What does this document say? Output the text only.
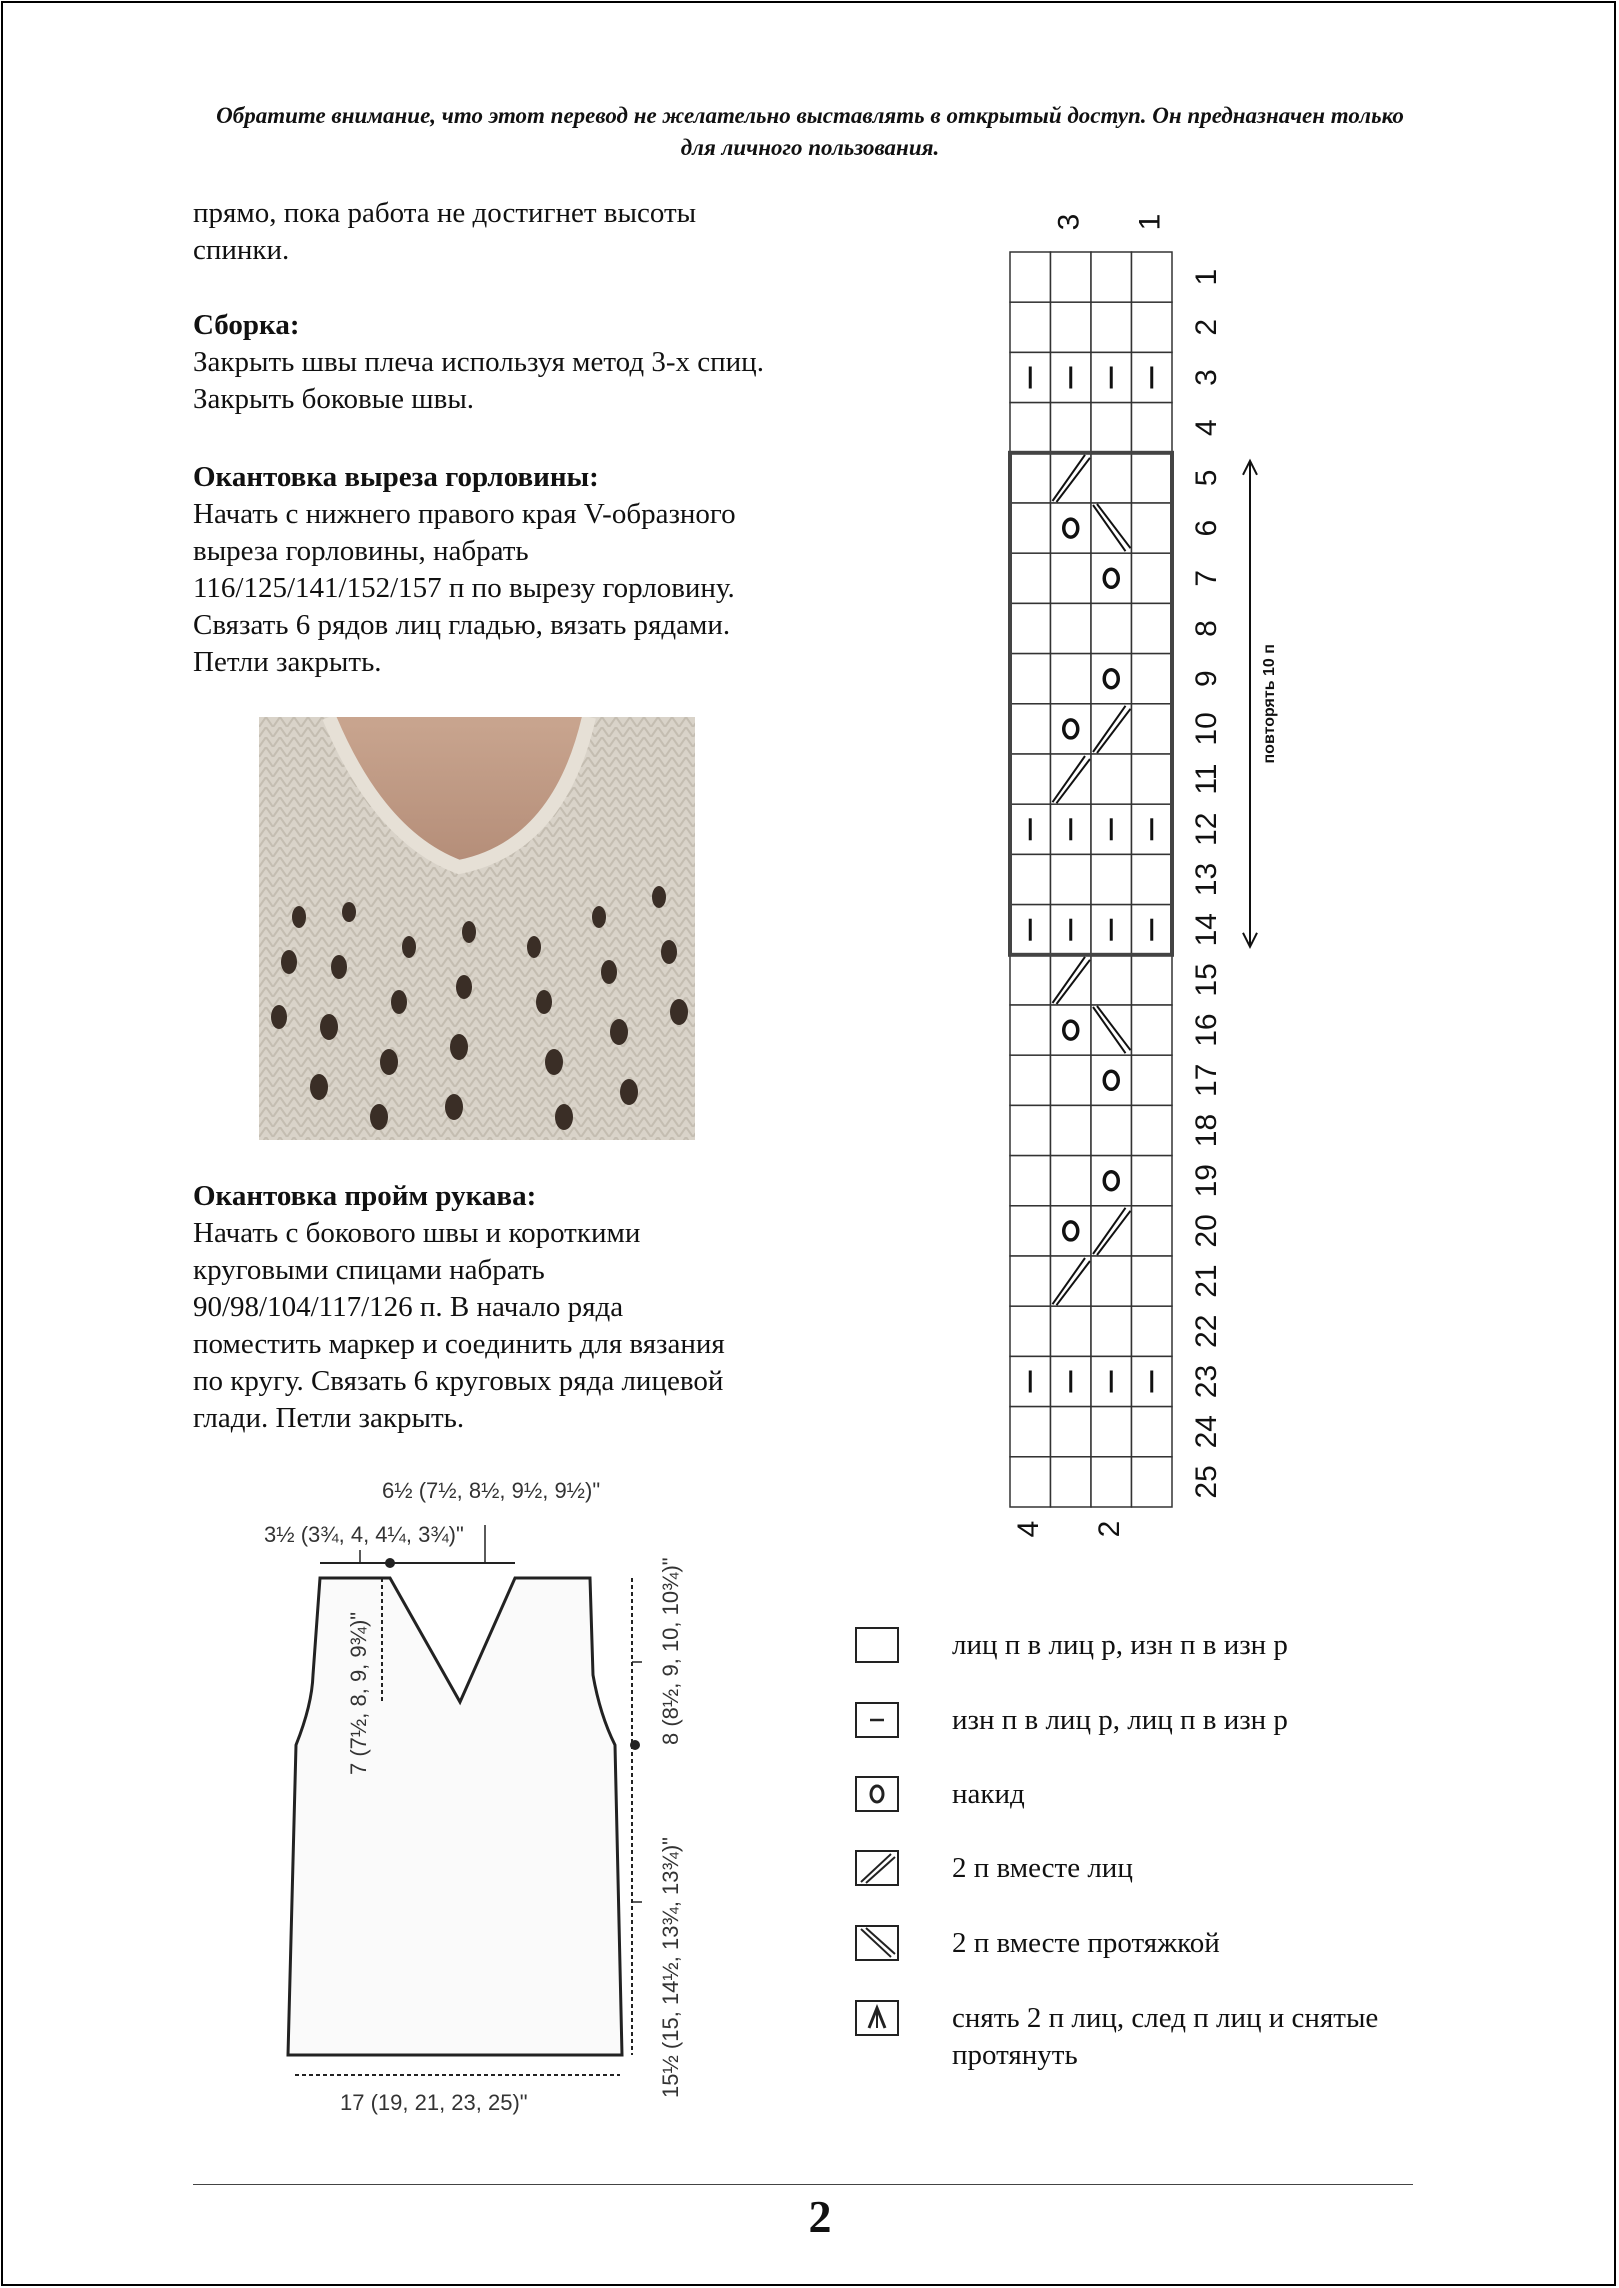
Обратите внимание, что этот перевод не желательно выставлять в открытый доступ. Он предназначен только для личного пользования.

прямо, пока работа не достигнет высоты спинки.

Сборка:

Закрыть швы плеча используя метод 3-х спиц. Закрыть боковые швы.

Окантовка выреза горловины:

Начать с нижнего правого края V-образного выреза горловины, набрать 116/125/141/152/157 п по вырезу горловину. Связать 6 рядов лиц гладью, вязать рядами. Петли закрыть.

Окантовка пройм рукава:

Начать с бокового швы и короткими круговыми спицами набрать 90/98/104/117/126 п. В начало ряда поместить маркер и соединить для вязания по кругу. Связать 6 круговых ряда лицевой глади. Петли закрыть.

6½ (7½, 8½, 9½, 9½)"
3½ (3¾, 4, 4¼, 3¾)"
7 (7½, 8, 9, 9¾)"	8 (8½, 9, 10, 10¾)"
15½ (15, 14½, 13¾, 13¾)"
17 (19, 21, 23, 25)"
1
2
3
4
5
6
7
8
9
10
11
12
13
14
15
16
17
18
19
20
21
22
23
24
25
3 1
4 2
повторять 10 п
лиц п в лиц р, изн п в изн р
изн п в лиц р, лиц п в изн р
накид
2 п вместе лиц
2 п вместе протяжкой
снять 2 п лиц, след п лиц и снятые протянуть
2
